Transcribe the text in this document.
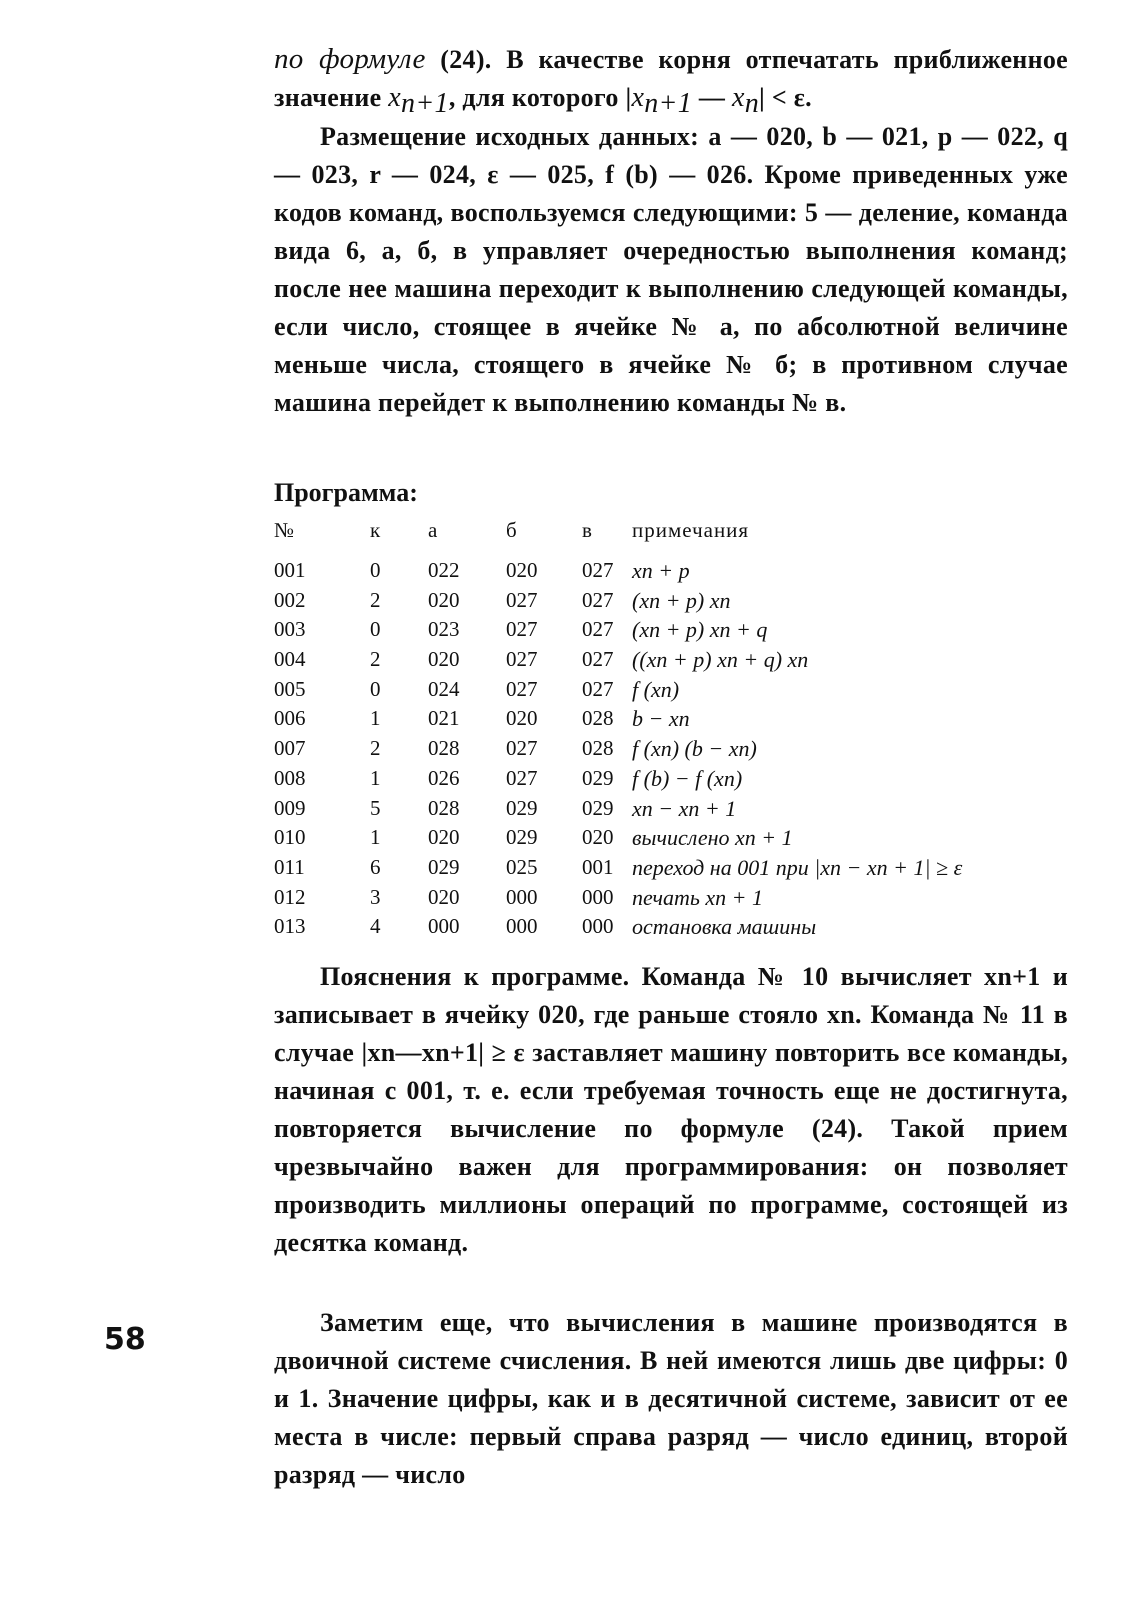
по формуле (24). В качестве корня отпечатать приближенное значение $x_{n+1}$, для которого $|x_{n+1}$ — $x_n| < \varepsilon$.

Размещение исходных данных: a — 020, b — 021, p — 022, q — 023, r — 024, ε — 025, f (b) — 026. Кроме приведенных уже кодов команд, воспользуемся следующими: 5 — деление, команда вида 6, а, б, в управляет очередностью выполнения команд; после нее машина переходит к выполнению следующей команды, если число, стоящее в ячейке № а, по абсолютной величине меньше числа, стоящего в ячейке № б; в противном случае машина перейдет к выполнению команды № в.

Программа:

№	к а	б	в примечания
001	0 022 020 027 xn + p
002	2 020 027 027 (xn + p) xn
003	0 023 027 027 (xn + p) xn + q
004	2 020 027 027 ((xn + p) xn + q) xn
005	0 024 027 027 f (xn)
006	1 021 020 028 b − xn
007	2 028 027 028 f (xn) (b − xn)
008	1 026 027 029 f (b) − f (xn)
009	5 028 029 029 xn − xn + 1
010	1 020 029 020 вычислено xn + 1
011	6 029 025 001 переход на 001 при |xn − xn + 1| ≥ ε
012	3 020 000 000 печать xn + 1
013	4 000 000 000 остановка машины

Пояснения к программе. Команда № 10 вычисляет xn+1 и записывает в ячейку 020, где раньше стояло xn. Команда № 11 в случае |xn—xn+1| ≥ ε заставляет машину повторить все команды, начиная с 001, т. е. если требуемая точность еще не достигнута, повторяется вычисление по формуле (24). Такой прием чрезвычайно важен для программирования: он позволяет производить миллионы операций по программе, состоящей из десятка команд.

58	Заметим еще, что вычисления в машине производятся в двоичной системе счисления. В ней имеются лишь две цифры: 0 и 1. Значение цифры, как и в десятичной системе, зависит от ее места в числе: первый справа разряд — число единиц, второй разряд — число
